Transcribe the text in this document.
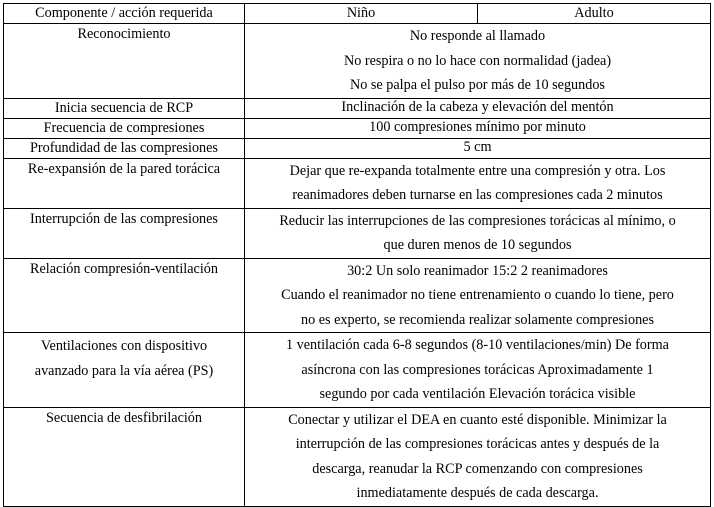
Componente / acción requerida	Niño	Adulto
Reconocimiento	No responde al llamado
No respira o no lo hace con normalidad (jadea)
No se palpa el pulso por más de 10 segundos	

Inicia secuencia de RCP	Inclinación de la cabeza y elevación del mentón	

Frecuencia de compresiones	100 compresiones mínimo por minuto	

Profundidad de las compresiones	5 cm	

Re-expansión de la pared torácica	Dejar que re-expanda totalmente entre una compresión y otra. Los
reanimadores deben turnarse en las compresiones cada 2 minutos	

Interrupción de las compresiones	Reducir las interrupciones de las compresiones torácicas al mínimo, o
que duren menos de 10 segundos	

Relación compresión-ventilación	30:2 Un solo reanimador 15:2 2 reanimadores
Cuando el reanimador no tiene entrenamiento o cuando lo tiene, pero
no es experto, se recomienda realizar solamente compresiones	

Ventilaciones con dispositivo
avanzado para la vía aérea (PS)	1 ventilación cada 6-8 segundos (8-10 ventilaciones/min) De forma
asíncrona con las compresiones torácicas Aproximadamente 1
segundo por cada ventilación Elevación torácica visible	

Secuencia de desfibrilación	Conectar y utilizar el DEA en cuanto esté disponible. Minimizar la
interrupción de las compresiones torácicas antes y después de la
descarga, reanudar la RCP comenzando con compresiones
inmediatamente después de cada descarga.	
